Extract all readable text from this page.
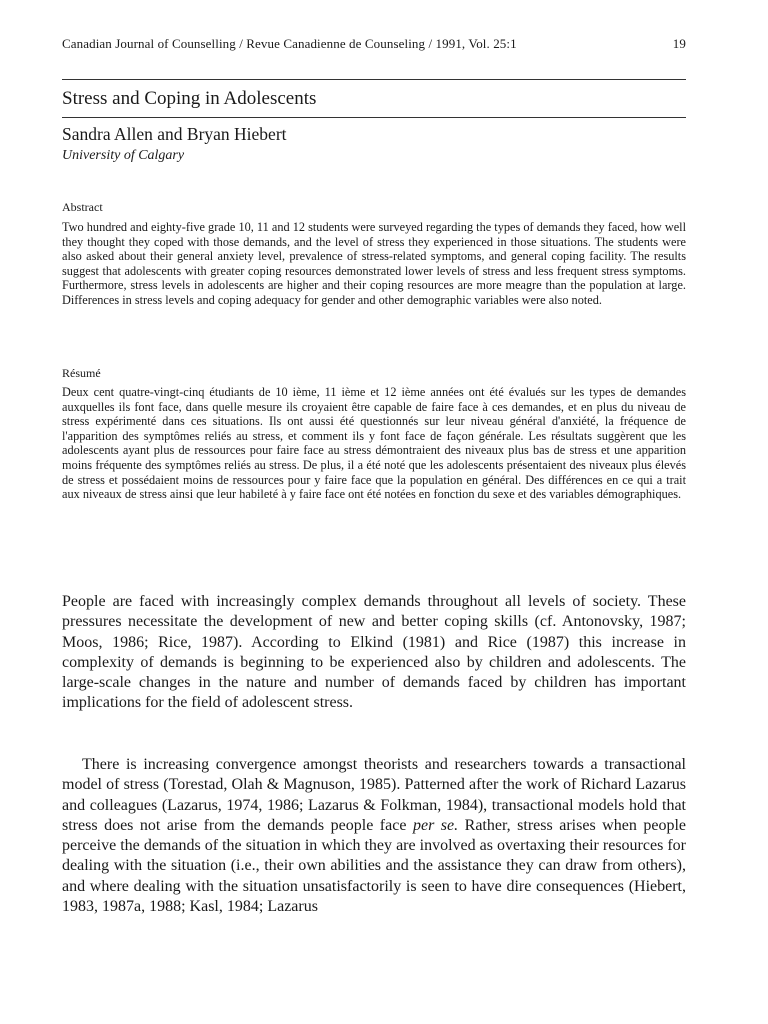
Canadian Journal of Counselling / Revue Canadienne de Counseling / 1991, Vol. 25:1	19
Stress and Coping in Adolescents
Sandra Allen and Bryan Hiebert
University of Calgary
Abstract

Two hundred and eighty-five grade 10, 11 and 12 students were surveyed regarding the types of demands they faced, how well they thought they coped with those demands, and the level of stress they experienced in those situations. The students were also asked about their general anxiety level, prevalence of stress-related symptoms, and general coping facility. The results suggest that adolescents with greater coping resources demonstrated lower levels of stress and less frequent stress symptoms. Furthermore, stress levels in adolescents are higher and their coping resources are more meagre than the population at large. Differences in stress levels and coping adequacy for gender and other demographic variables were also noted.

Résumé

Deux cent quatre-vingt-cinq étudiants de 10 ième, 11 ième et 12 ième années ont été évalués sur les types de demandes auxquelles ils font face, dans quelle mesure ils croyaient être capable de faire face à ces demandes, et en plus du niveau de stress expérimenté dans ces situations. Ils ont aussi été questionnés sur leur niveau général d'anxiété, la fréquence de l'apparition des symptômes reliés au stress, et comment ils y font face de façon générale. Les résultats suggèrent que les adolescents ayant plus de ressources pour faire face au stress démontraient des niveaux plus bas de stress et une apparition moins fréquente des symptômes reliés au stress. De plus, il a été noté que les adolescents présentaient des niveaux plus élevés de stress et possédaient moins de ressources pour y faire face que la population en général. Des différences en ce qui a trait aux niveaux de stress ainsi que leur habileté à y faire face ont été notées en fonction du sexe et des variables démographiques.

People are faced with increasingly complex demands throughout all levels of society. These pressures necessitate the development of new and better coping skills (cf. Antonovsky, 1987; Moos, 1986; Rice, 1987). According to Elkind (1981) and Rice (1987) this increase in complexity of demands is beginning to be experienced also by children and adolescents. The large-scale changes in the nature and number of demands faced by children has important implications for the field of adolescent stress.

There is increasing convergence amongst theorists and researchers towards a transactional model of stress (Torestad, Olah & Magnuson, 1985). Patterned after the work of Richard Lazarus and colleagues (Lazarus, 1974, 1986; Lazarus & Folkman, 1984), transactional models hold that stress does not arise from the demands people face per se. Rather, stress arises when people perceive the demands of the situation in which they are involved as overtaxing their resources for dealing with the situation (i.e., their own abilities and the assistance they can draw from others), and where dealing with the situation unsatisfactorily is seen to have dire consequences (Hiebert, 1983, 1987a, 1988; Kasl, 1984; Lazarus
